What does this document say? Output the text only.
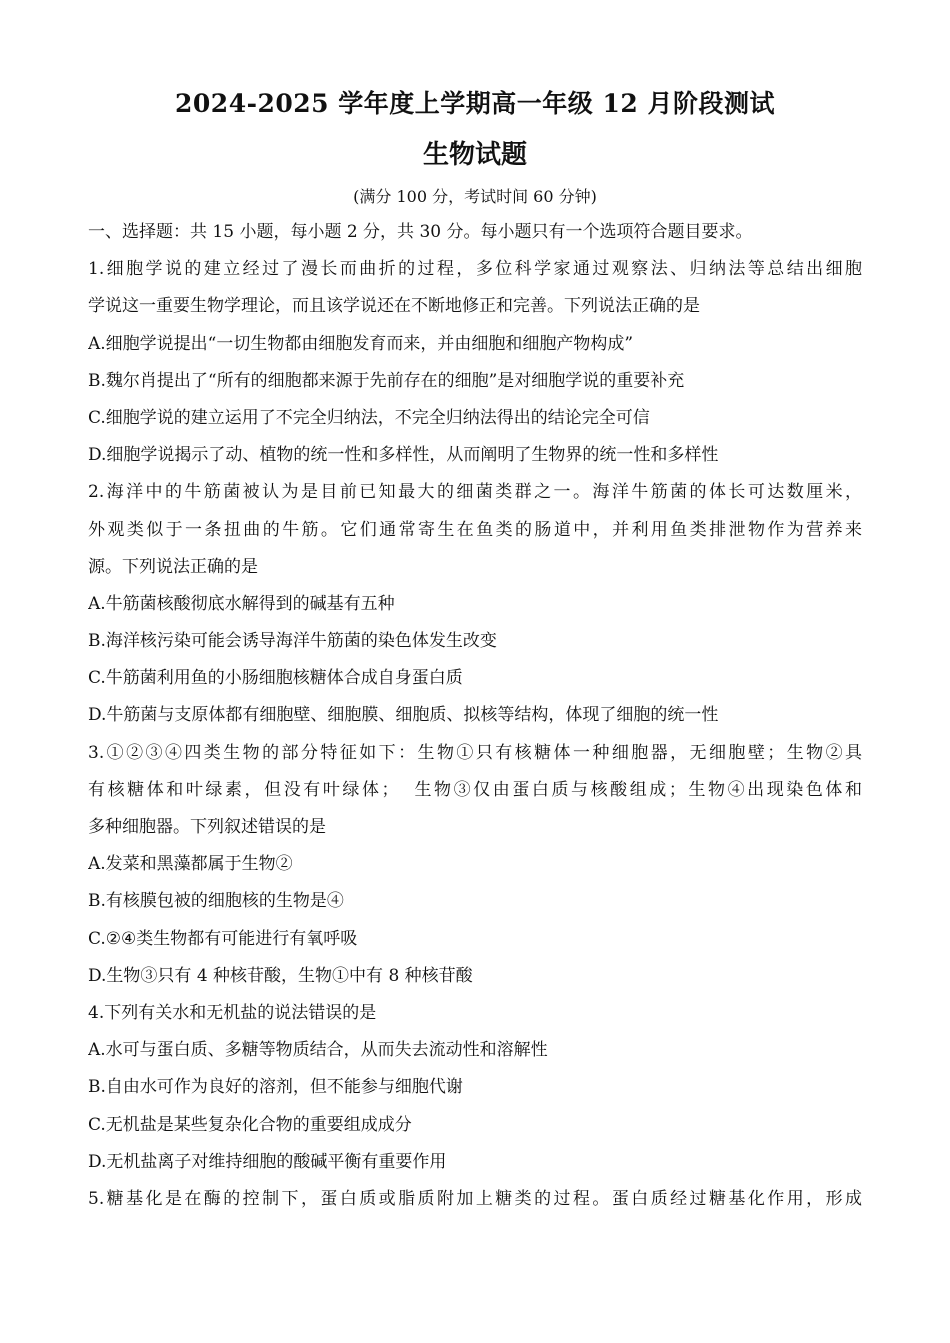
2024-2025 学年度上学期高一年级 12 月阶段测试
生物试题

(满分 100 分，考试时间 60 分钟)

一、选择题：共 15 小题，每小题 2 分，共 30 分。每小题只有一个选项符合题目要求。
1.细胞学说的建立经过了漫长而曲折的过程，多位科学家通过观察法、归纳法等总结出细胞
学说这一重要生物学理论，而且该学说还在不断地修正和完善。下列说法正确的是
A.细胞学说提出“一切生物都由细胞发育而来，并由细胞和细胞产物构成”
B.魏尔肖提出了“所有的细胞都来源于先前存在的细胞”是对细胞学说的重要补充
C.细胞学说的建立运用了不完全归纳法，不完全归纳法得出的结论完全可信
D.细胞学说揭示了动、植物的统一性和多样性，从而阐明了生物界的统一性和多样性
2.海洋中的牛筋菌被认为是目前已知最大的细菌类群之一。海洋牛筋菌的体长可达数厘米，
外观类似于一条扭曲的牛筋。它们通常寄生在鱼类的肠道中，并利用鱼类排泄物作为营养来
源。下列说法正确的是
A.牛筋菌核酸彻底水解得到的碱基有五种
B.海洋核污染可能会诱导海洋牛筋菌的染色体发生改变
C.牛筋菌利用鱼的小肠细胞核糖体合成自身蛋白质
D.牛筋菌与支原体都有细胞壁、细胞膜、细胞质、拟核等结构，体现了细胞的统一性
3.①②③④四类生物的部分特征如下：生物①只有核糖体一种细胞器，无细胞壁；生物②具
有核糖体和叶绿素，但没有叶绿体；  生物③仅由蛋白质与核酸组成；生物④出现染色体和
多种细胞器。下列叙述错误的是
A.发菜和黑藻都属于生物②
B.有核膜包被的细胞核的生物是④
C.②④类生物都有可能进行有氧呼吸
D.生物③只有 4 种核苷酸，生物①中有 8 种核苷酸
4.下列有关水和无机盐的说法错误的是
A.水可与蛋白质、多糖等物质结合，从而失去流动性和溶解性
B.自由水可作为良好的溶剂，但不能参与细胞代谢
C.无机盐是某些复杂化合物的重要组成成分
D.无机盐离子对维持细胞的酸碱平衡有重要作用
5.糖基化是在酶的控制下，蛋白质或脂质附加上糖类的过程。蛋白质经过糖基化作用，形成
